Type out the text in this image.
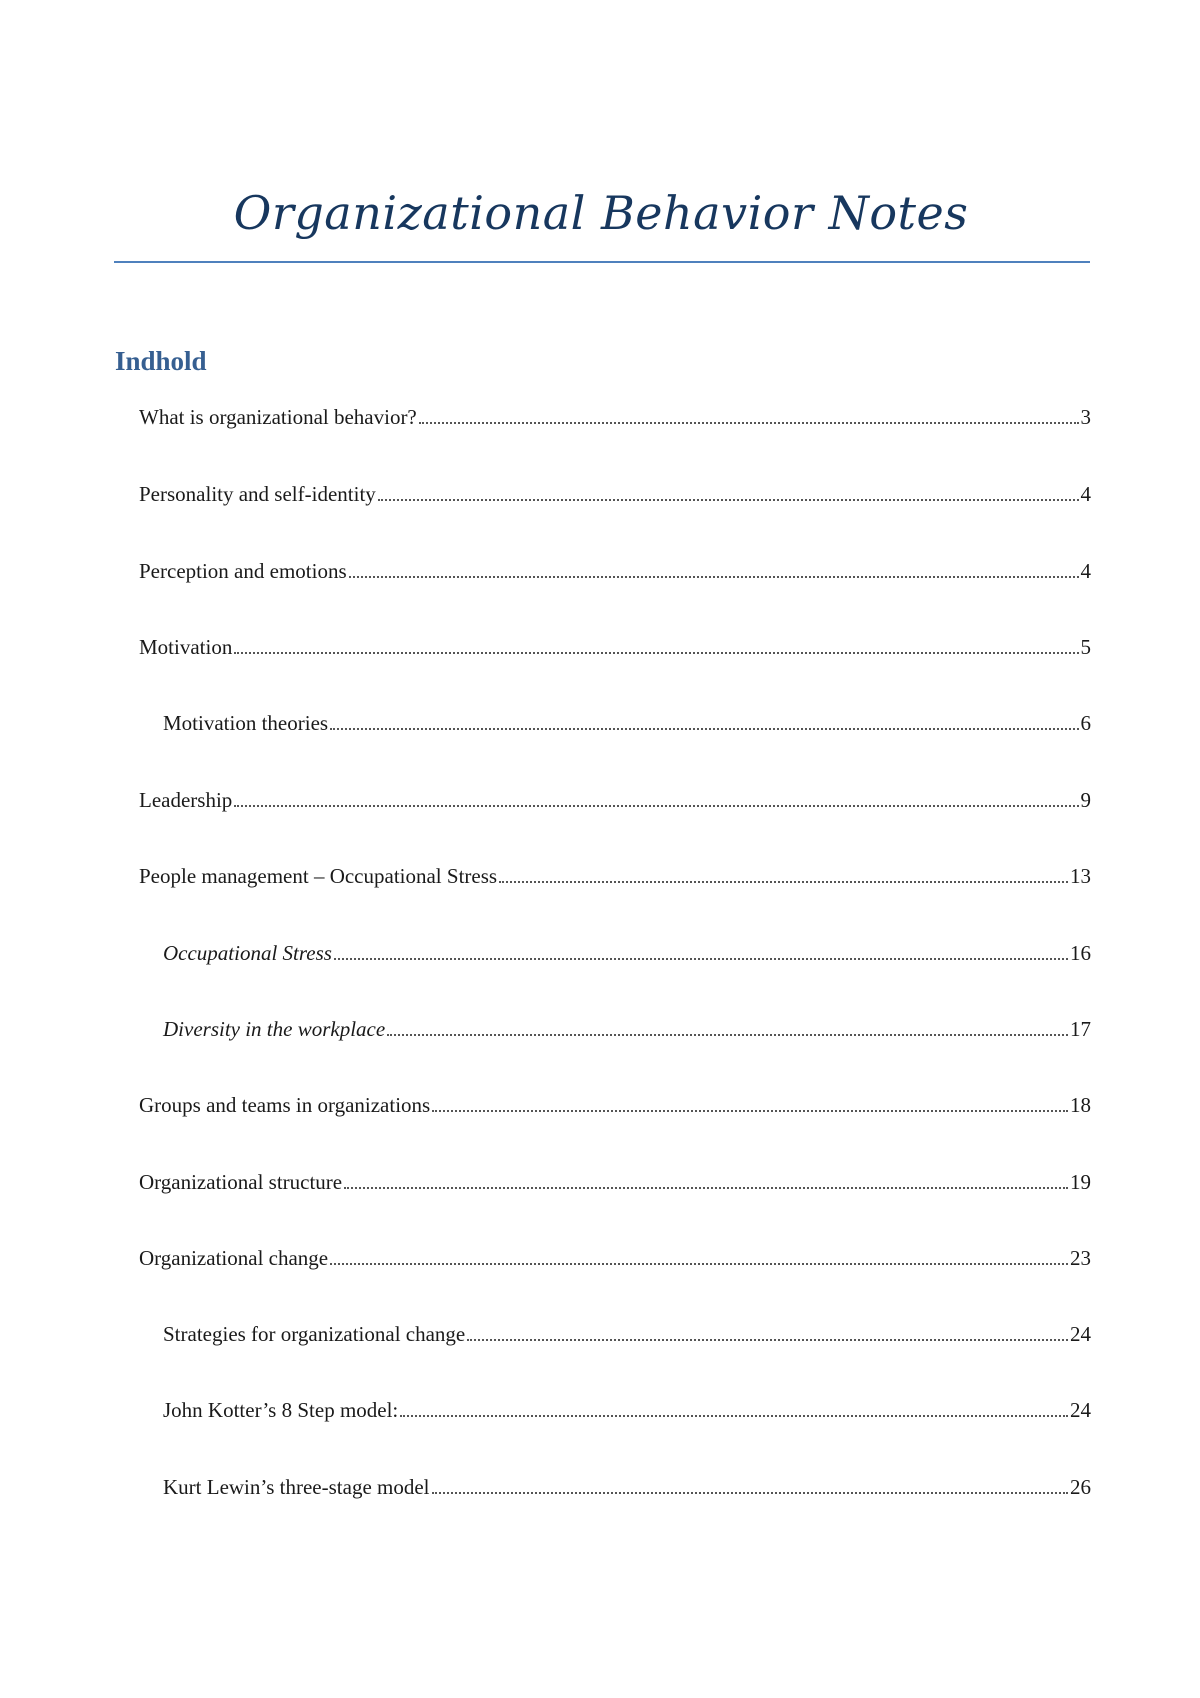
Organizational Behavior Notes
Indhold
What is organizational behavior?	3
Personality and self-identity	4
Perception and emotions	4
Motivation	5
Motivation theories	6
Leadership	9
People management – Occupational Stress	13
Occupational Stress	16
Diversity in the workplace	17
Groups and teams in organizations	18
Organizational structure	19
Organizational change	23
Strategies for organizational change	24
John Kotter’s 8 Step model:	24
Kurt Lewin’s three-stage model	26
